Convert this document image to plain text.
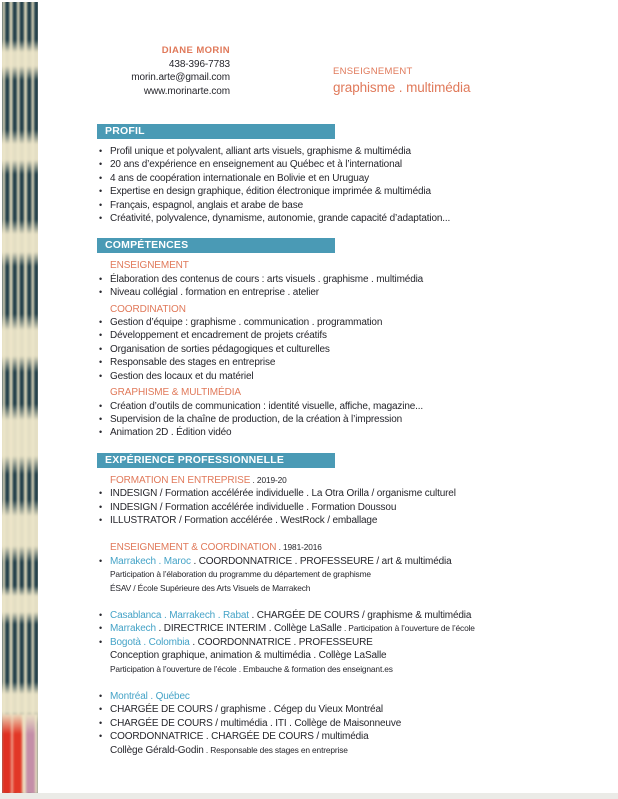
DIANE MORIN
438-396-7783
morin.arte@gmail.com
www.morinarte.com
ENSEIGNEMENT
graphisme . multimédia
PROFIL
• Profil unique et polyvalent, alliant arts visuels, graphisme & multimédia
• 20 ans d’expérience en enseignement au Québec et à l’international
• 4 ans de coopération internationale en Bolivie et en Uruguay
• Expertise en design graphique, édition électronique imprimée & multimédia
• Français, espagnol, anglais et arabe de base
• Créativité, polyvalence, dynamisme, autonomie, grande capacité d’adaptation...
COMPÉTENCES
ENSEIGNEMENT
• Élaboration des contenus de cours : arts visuels . graphisme . multimédia
• Niveau collégial . formation en entreprise . atelier
COORDINATION
• Gestion d’équipe : graphisme . communication . programmation
• Développement et encadrement de projets créatifs
• Organisation de sorties pédagogiques et culturelles
• Responsable des stages en entreprise
• Gestion des locaux et du matériel
GRAPHISME & MULTIMÉDIA
• Création d’outils de communication : identité visuelle, affiche, magazine...
• Supervision de la chaîne de production, de la création à l’impression
• Animation 2D . Édition vidéo
EXPÉRIENCE PROFESSIONNELLE
FORMATION EN ENTREPRISE . 2019-20
• INDESIGN / Formation accélérée individuelle . La Otra Orilla / organisme culturel
• INDESIGN / Formation accélérée individuelle . Formation Doussou
• ILLUSTRATOR / Formation accélérée . WestRock / emballage
ENSEIGNEMENT & COORDINATION . 1981-2016
• Marrakech . Maroc . COORDONNATRICE . PROFESSEURE / art & multimédia
Participation à l’élaboration du programme du département de graphisme
ÉSAV / École Supérieure des Arts Visuels de Marrakech
• Casablanca . Marrakech . Rabat . CHARGÉE DE COURS / graphisme & multimédia
• Marrakech . DIRECTRICE INTERIM . Collège LaSalle . Participation à l’ouverture de l’école
• Bogotà . Colombia . COORDONNATRICE . PROFESSEURE
Conception graphique, animation & multimédia . Collège LaSalle
Participation à l’ouverture de l’école . Embauche & formation des enseignant.es
• Montréal . Québec
• CHARGÉE DE COURS / graphisme . Cégep du Vieux Montréal
• CHARGÉE DE COURS / multimédia . ITI . Collège de Maisonneuve
• COORDONNATRICE . CHARGÉE DE COURS / multimédia
Collège Gérald-Godin . Responsable des stages en entreprise
